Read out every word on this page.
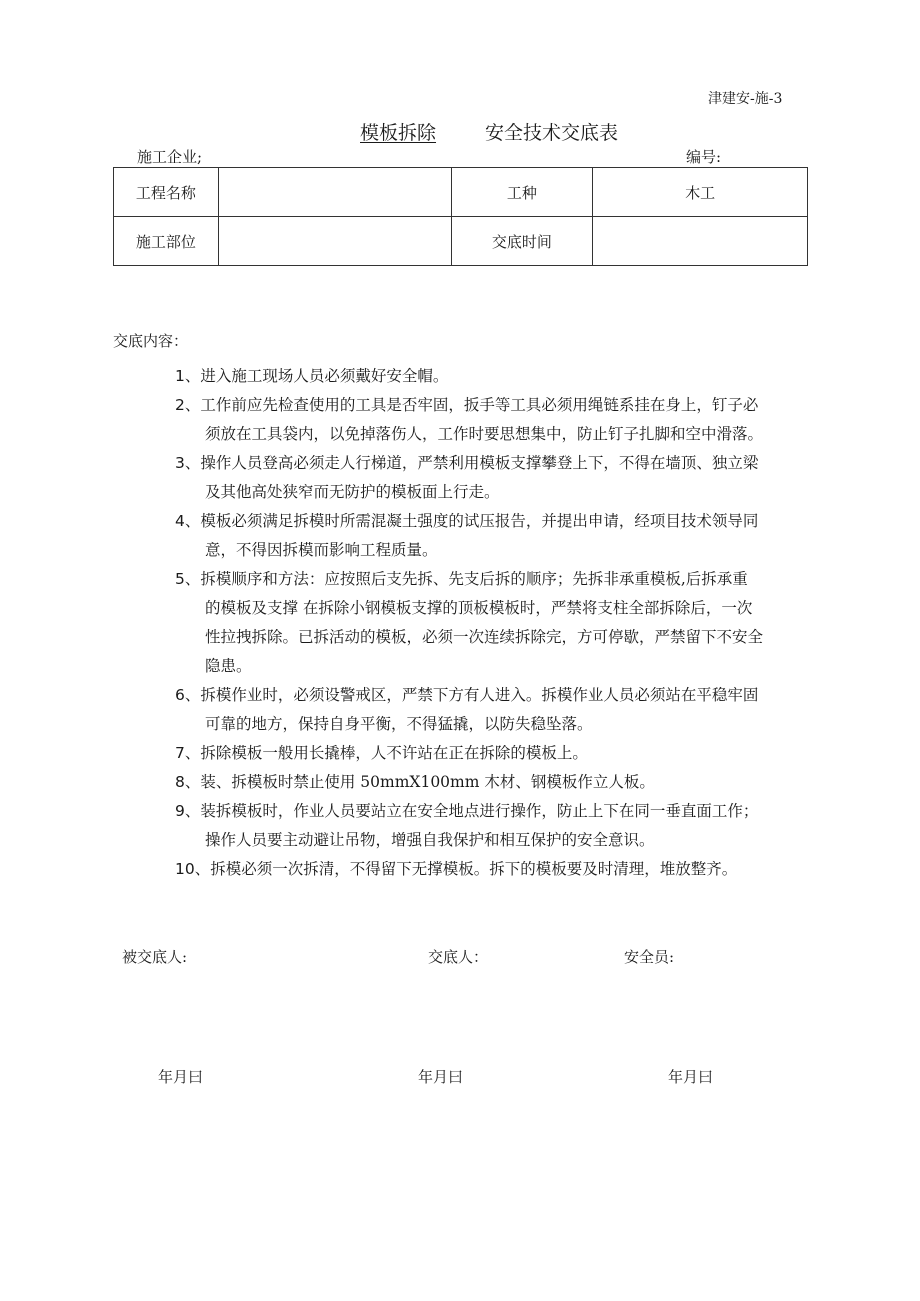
津建安-施-3
模板拆除	安全技术交底表
施工企业;	编号:
工程名称		工种	木工
施工部位		交底时间	
交底内容：
1、进入施工现场人员必须戴好安全帽。
2、工作前应先检查使用的工具是否牢固，扳手等工具必须用绳链系挂在身上，钉子必
须放在工具袋内，以免掉落伤人，工作时要思想集中，防止钉子扎脚和空中滑落。
3、操作人员登高必须走人行梯道，严禁利用模板支撑攀登上下，不得在墙顶、独立梁
及其他高处狭窄而无防护的模板面上行走。
4、模板必须满足拆模时所需混凝土强度的试压报告，并提出申请，经项目技术领导同
意，不得因拆模而影响工程质量。
5、拆模顺序和方法：应按照后支先拆、先支后拆的顺序；先拆非承重模板,后拆承重
的模板及支撑 在拆除小钢模板支撑的顶板模板时，严禁将支柱全部拆除后，一次
性拉拽拆除。已拆活动的模板，必须一次连续拆除完，方可停歇，严禁留下不安全
隐患。
6、拆模作业时，必须设警戒区，严禁下方有人进入。拆模作业人员必须站在平稳牢固
可靠的地方，保持自身平衡，不得猛撬，以防失稳坠落。
7、拆除模板一般用长撬棒，人不许站在正在拆除的模板上。
8、装、拆模板时禁止使用 50mmX100mm 木材、钢模板作立人板。
9、装拆模板时，作业人员要站立在安全地点进行操作，防止上下在同一垂直面工作；
操作人员要主动避让吊物，增强自我保护和相互保护的安全意识。
10、拆模必须一次拆清，不得留下无撑模板。拆下的模板要及时清理，堆放整齐。
被交底人:	交底人：	安全员:
年月曰	年月曰	年月曰
